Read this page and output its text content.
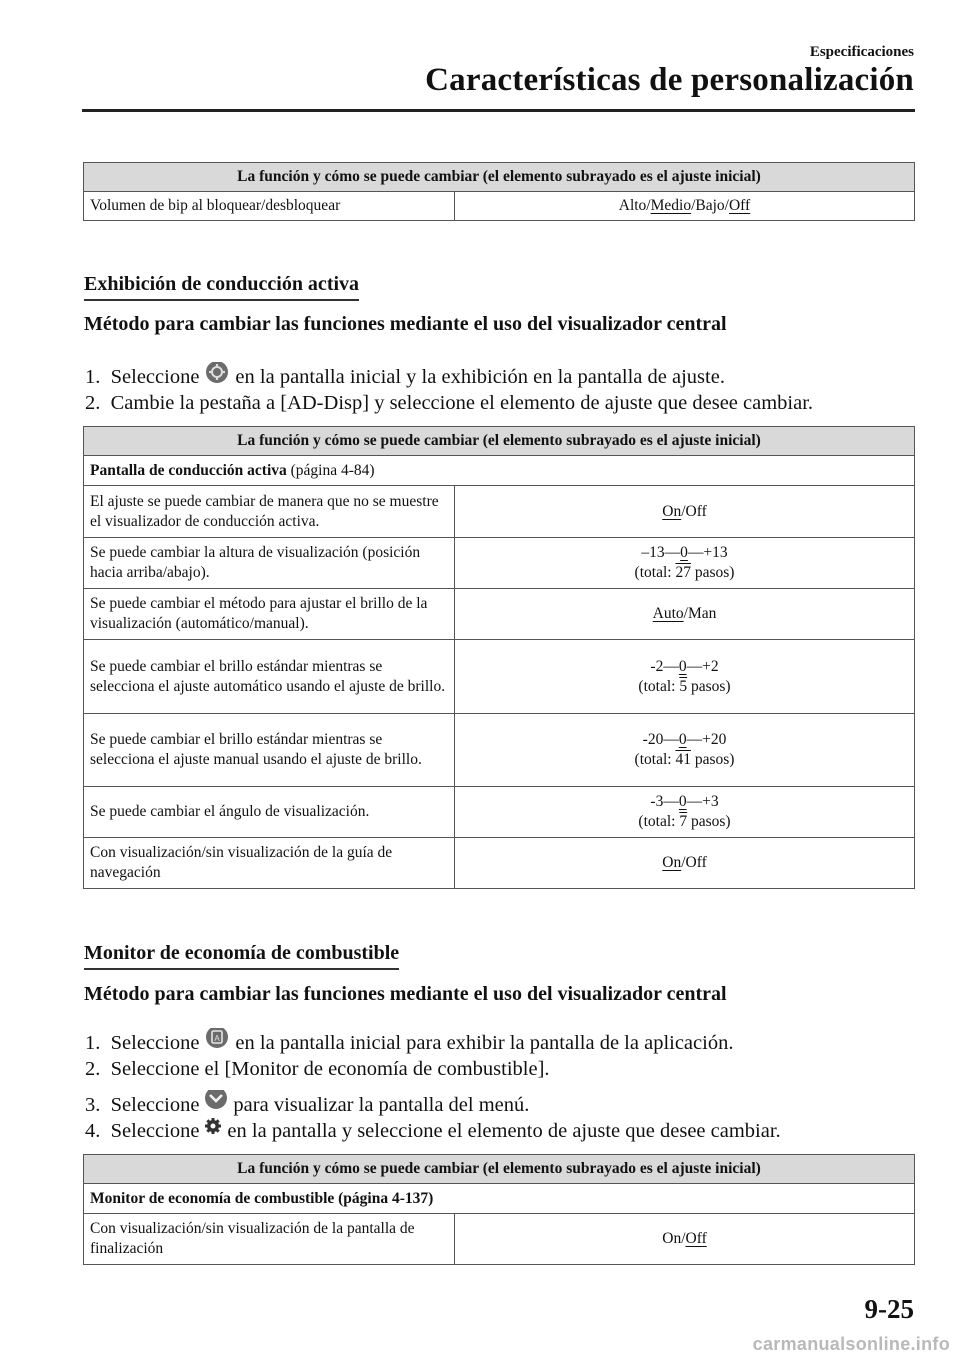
Especificaciones
Características de personalización
La función y cómo se puede cambiar (el elemento subrayado es el ajuste inicial)
Volumen de bip al bloquear/desbloquear	Alto/Medio/Bajo/Off
Exhibición de conducción activa
Método para cambiar las funciones mediante el uso del visualizador central
1. Seleccione en la pantalla inicial y la exhibición en la pantalla de ajuste.
2. Cambie la pestaña a [AD-Disp] y seleccione el elemento de ajuste que desee cambiar.
La función y cómo se puede cambiar (el elemento subrayado es el ajuste inicial)	
Pantalla de conducción activa (página 4-84)	
El ajuste se puede cambiar de manera que no se muestre el visualizador de conducción activa.	On/Off
Se puede cambiar la altura de visualización (posición hacia arriba/abajo).	–13—0—+13
(total: 27 pasos)
Se puede cambiar el método para ajustar el brillo de la visualización (automático/manual).	Auto/Man
Se puede cambiar el brillo estándar mientras se selecciona el ajuste automático usando el ajuste de brillo.	-2—0—+2
(total: 5 pasos)
Se puede cambiar el brillo estándar mientras se selecciona el ajuste manual usando el ajuste de brillo.	-20—0—+20
(total: 41 pasos)
Se puede cambiar el ángulo de visualización.	-3—0—+3
(total: 7 pasos)
Con visualización/sin visualización de la guía de navegación	On/Off
Monitor de economía de combustible
Método para cambiar las funciones mediante el uso del visualizador central
1. Seleccione A en la pantalla inicial para exhibir la pantalla de la aplicación.
2. Seleccione el [Monitor de economía de combustible].
3. Seleccione para visualizar la pantalla del menú.
4. Seleccione en la pantalla y seleccione el elemento de ajuste que desee cambiar.
La función y cómo se puede cambiar (el elemento subrayado es el ajuste inicial)
Monitor de economía de combustible (página 4-137)
Con visualización/sin visualización de la pantalla de finalización	On/Off
9-25
carmanualsonline.info
